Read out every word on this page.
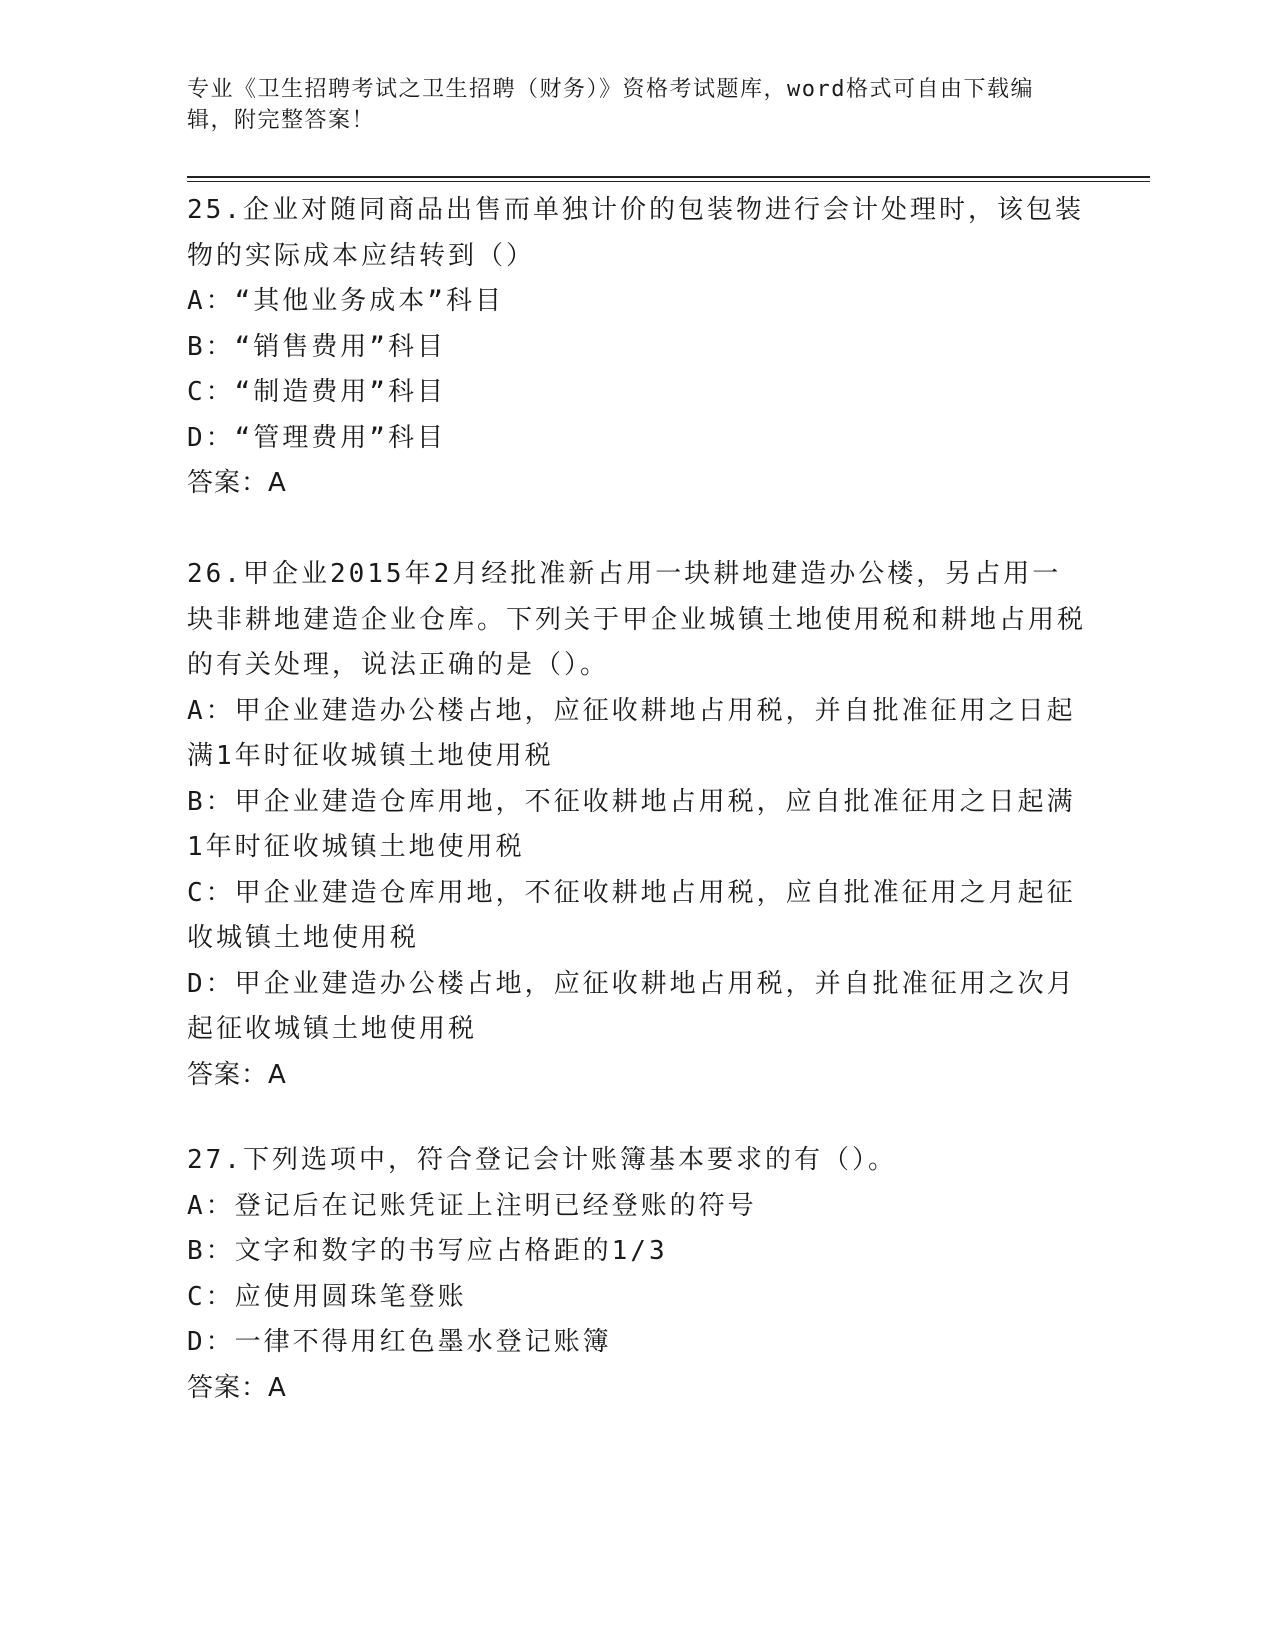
专业《卫生招聘考试之卫生招聘（财务）》资格考试题库，word格式可自由下载编辑，附完整答案！
25.企业对随同商品出售而单独计价的包装物进行会计处理时，该包装物的实际成本应结转到（）
A：“其他业务成本”科目
B：“销售费用”科目
C：“制造费用”科目
D：“管理费用”科目
答案：A
26.甲企业2015年2月经批准新占用一块耕地建造办公楼，另占用一块非耕地建造企业仓库。下列关于甲企业城镇土地使用税和耕地占用税的有关处理，说法正确的是（）。
A：甲企业建造办公楼占地，应征收耕地占用税，并自批准征用之日起满1年时征收城镇土地使用税
B：甲企业建造仓库用地，不征收耕地占用税，应自批准征用之日起满1年时征收城镇土地使用税
C：甲企业建造仓库用地，不征收耕地占用税，应自批准征用之月起征收城镇土地使用税
D：甲企业建造办公楼占地，应征收耕地占用税，并自批准征用之次月起征收城镇土地使用税
答案：A
27.下列选项中，符合登记会计账簿基本要求的有（）。
A：登记后在记账凭证上注明已经登账的符号
B：文字和数字的书写应占格距的1/3
C：应使用圆珠笔登账
D：一律不得用红色墨水登记账簿
答案：A
